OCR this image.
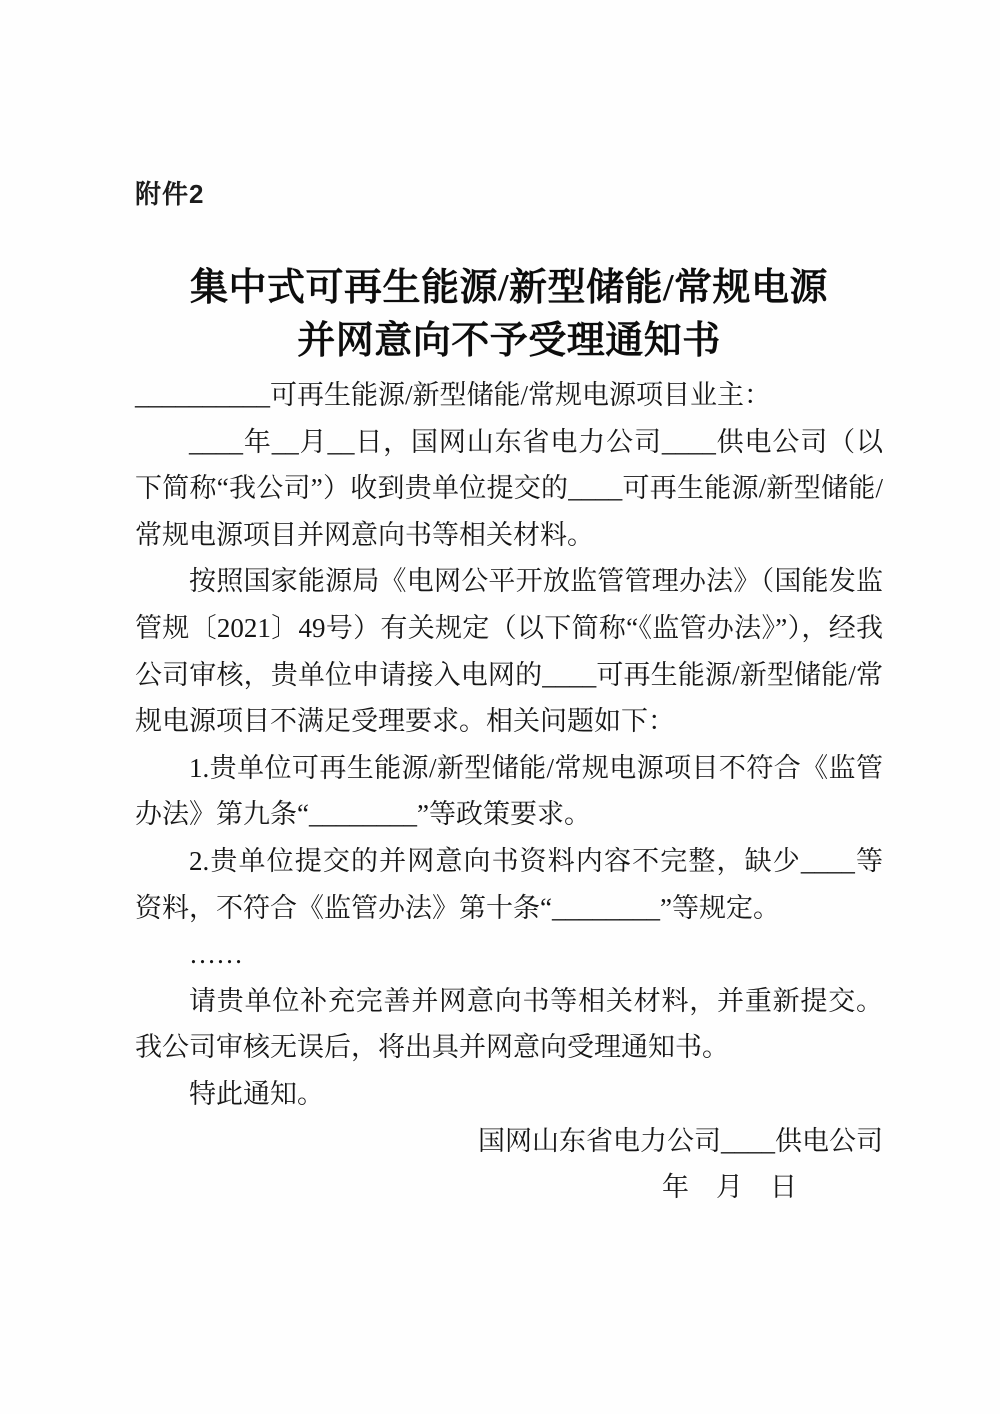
附件2
集中式可再生能源/新型储能/常规电源
并网意向不予受理通知书

__________可再生能源/新型储能/常规电源项目业主：

____年__月__日，国网山东省电力公司____供电公司（以下简称“我公司”）收到贵单位提交的____可再生能源/新型储能/常规电源项目并网意向书等相关材料。

按照国家能源局《电网公平开放监管管理办法》（国能发监管规〔2021〕49号）有关规定（以下简称“《监管办法》”），经我公司审核，贵单位申请接入电网的____可再生能源/新型储能/常规电源项目不满足受理要求。相关问题如下：

1.贵单位可再生能源/新型储能/常规电源项目不符合《监管办法》第九条“________”等政策要求。

2.贵单位提交的并网意向书资料内容不完整，缺少____等资料，不符合《监管办法》第十条“________”等规定。

……

请贵单位补充完善并网意向书等相关材料，并重新提交。我公司审核无误后，将出具并网意向受理通知书。

特此通知。

国网山东省电力公司____供电公司

年　月　日
